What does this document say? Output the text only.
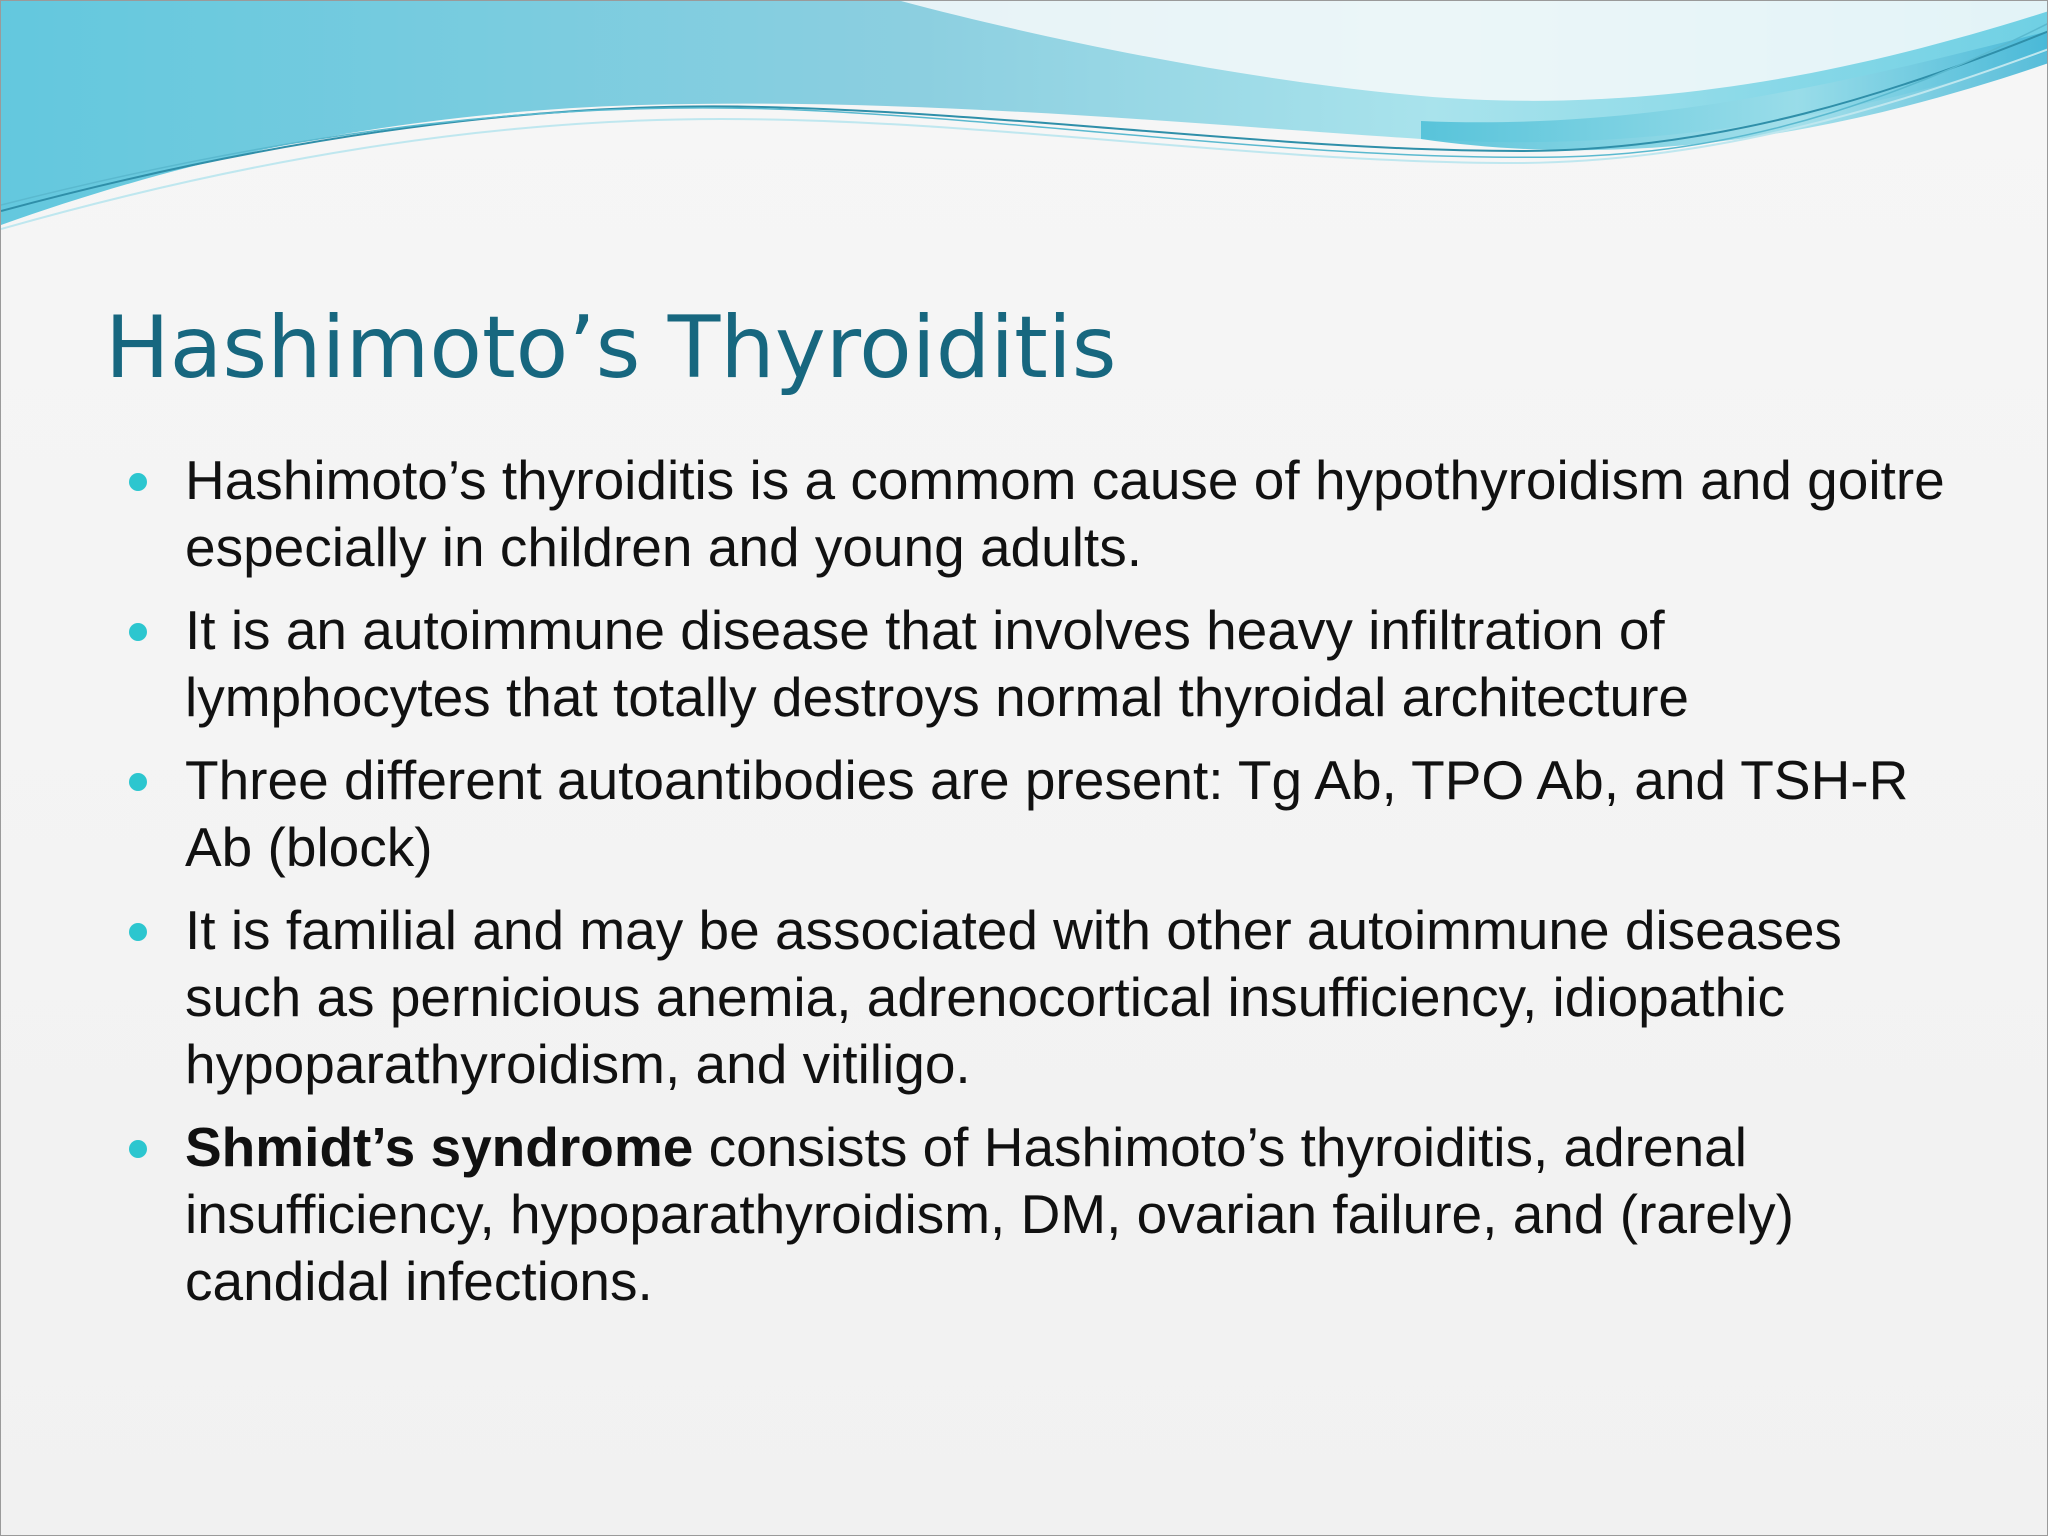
Hashimoto’s Thyroiditis
Hashimoto’s thyroiditis is a commom cause of hypothyroidism and goitre especially in children and young adults.
It is an autoimmune disease that involves heavy infiltration of lymphocytes that totally destroys normal thyroidal architecture
Three different autoantibodies are present: Tg Ab, TPO Ab, and TSH-R Ab (block)
It is familial and may be associated with other autoimmune diseases such as pernicious anemia, adrenocortical insufficiency, idiopathic hypoparathyroidism, and vitiligo.
Shmidt’s syndrome consists of Hashimoto’s thyroiditis, adrenal insufficiency, hypoparathyroidism, DM, ovarian failure, and (rarely) candidal infections.
